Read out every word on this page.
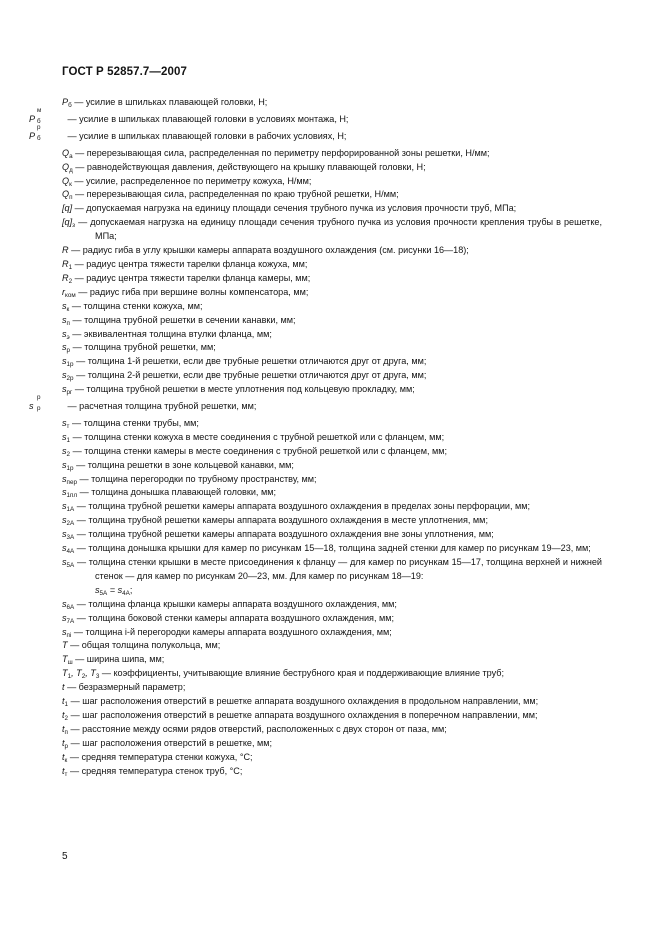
ГОСТ Р 52857.7—2007
$P_б$ — усилие в шпильках плавающей головки, Н;
P
м
б	— усилие в шпильках плавающей головки в условиях монтажа, Н;
P
р
б	— усилие в шпильках плавающей головки в рабочих условиях, Н;
$Q_а$ — перерезывающая сила, распределенная по периметру перфорированной зоны решетки, Н/мм;
$Q_д$ — равнодействующая давления, действующего на крышку плавающей головки, Н;
$Q_к$ — усилие, распределенное по периметру кожуха, Н/мм;
$Q_п$ — перерезывающая сила, распределенная по краю трубной решетки, Н/мм;
[q] — допускаемая нагрузка на единицу площади сечения трубного пучка из условия прочности труб, МПа;
$[q]_з$ — допускаемая нагрузка на единицу площади сечения трубного пучка из условия прочности крепления трубы в решетке, МПа;
R — радиус гиба в углу крышки камеры аппарата воздушного охлаждения (см. рисунки 16—18);
$R_1$ — радиус центра тяжести тарелки фланца кожуха, мм;
$R_2$ — радиус центра тяжести тарелки фланца камеры, мм;
$r_{ком}$ — радиус гиба при вершине волны компенсатора, мм;
$s_к$ — толщина стенки кожуха, мм;
$s_п$ — толщина трубной решетки в сечении канавки, мм;
$s_э$ — эквивалентная толщина втулки фланца, мм;
$s_р$ — толщина трубной решетки, мм;
$s_{1р}$ — толщина 1-й решетки, если две трубные решетки отличаются друг от друга, мм;
$s_{2р}$ — толщина 2-й решетки, если две трубные решетки отличаются друг от друга, мм;
$s_{рг}$ — толщина трубной решетки в месте уплотнения под кольцевую прокладку, мм;
s
р
р	— расчетная толщина трубной решетки, мм;
$s_т$ — толщина стенки трубы, мм;
$s_1$ — толщина стенки кожуха в месте соединения с трубной решеткой или с фланцем, мм;
$s_2$ — толщина стенки камеры в месте соединения с трубной решеткой или с фланцем, мм;
$s_{1р}$ — толщина решетки в зоне кольцевой канавки, мм;
$s_{пер}$ — толщина перегородки по трубному пространству, мм;
$s_{1пл}$ — толщина донышка плавающей головки, мм;
$s_{1A}$ — толщина трубной решетки камеры аппарата воздушного охлаждения в пределах зоны перфорации, мм;
$s_{2A}$ — толщина трубной решетки камеры аппарата воздушного охлаждения в месте уплотнения, мм;
$s_{3A}$ — толщина трубной решетки камеры аппарата воздушного охлаждения вне зоны уплотнения, мм;
$s_{4A}$ — толщина донышка крышки для камер по рисункам 15—18, толщина задней стенки для камер по рисункам 19—23, мм;
$s_{5A}$ — толщина стенки крышки в месте присоединения к фланцу — для камер по рисункам 15—17, толщина верхней и нижней стенок — для камер по рисункам 20—23, мм. Для камер по рисункам 18—19:
$s_{5A} = s_{4A}$;
$s_{6A}$ — толщина фланца крышки камеры аппарата воздушного охлаждения, мм;
$s_{7A}$ — толщина боковой стенки камеры аппарата воздушного охлаждения, мм;
$s_{пi}$ — толщина i-й перегородки камеры аппарата воздушного охлаждения, мм;
T — общая толщина полукольца, мм;
$T_ш$ — ширина шипа, мм;
$T_1$, $T_2$, $T_3$ — коэффициенты, учитывающие влияние беструбного края и поддерживающие влияние труб;
t — безразмерный параметр;
$t_1$ — шаг расположения отверстий в решетке аппарата воздушного охлаждения в продольном направлении, мм;
$t_2$ — шаг расположения отверстий в решетке аппарата воздушного охлаждения в поперечном направлении, мм;
$t_п$ — расстояние между осями рядов отверстий, расположенных с двух сторон от паза, мм;
$t_р$ — шаг расположения отверстий в решетке, мм;
$t_к$ — средняя температура стенки кожуха, °С;
$t_т$ — средняя температура стенок труб, °С;
5
